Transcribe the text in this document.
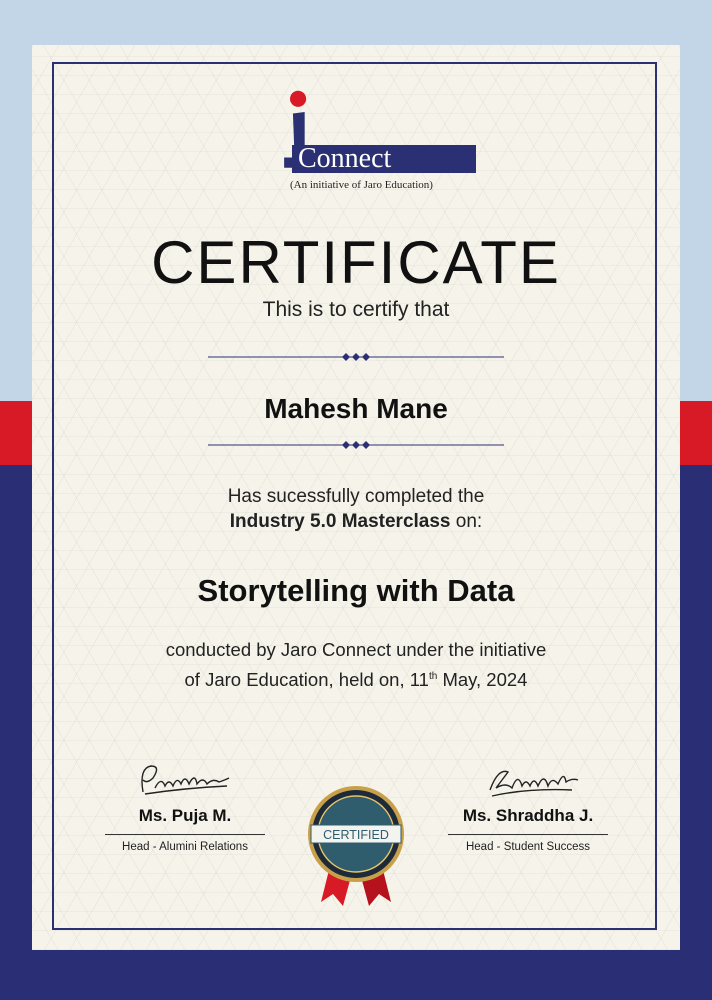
Connect
(An initiative of Jaro Education)
CERTIFICATE
This is to certify that
Mahesh Mane
Has sucessfully completed the
Industry 5.0 Masterclass on:
Storytelling with Data
conducted by Jaro Connect under the initiative
of Jaro Education, held on, 11th May, 2024
Ms. Puja M.
Head - Alumini Relations
Ms. Shraddha J.
Head - Student Success
CERTIFIED
